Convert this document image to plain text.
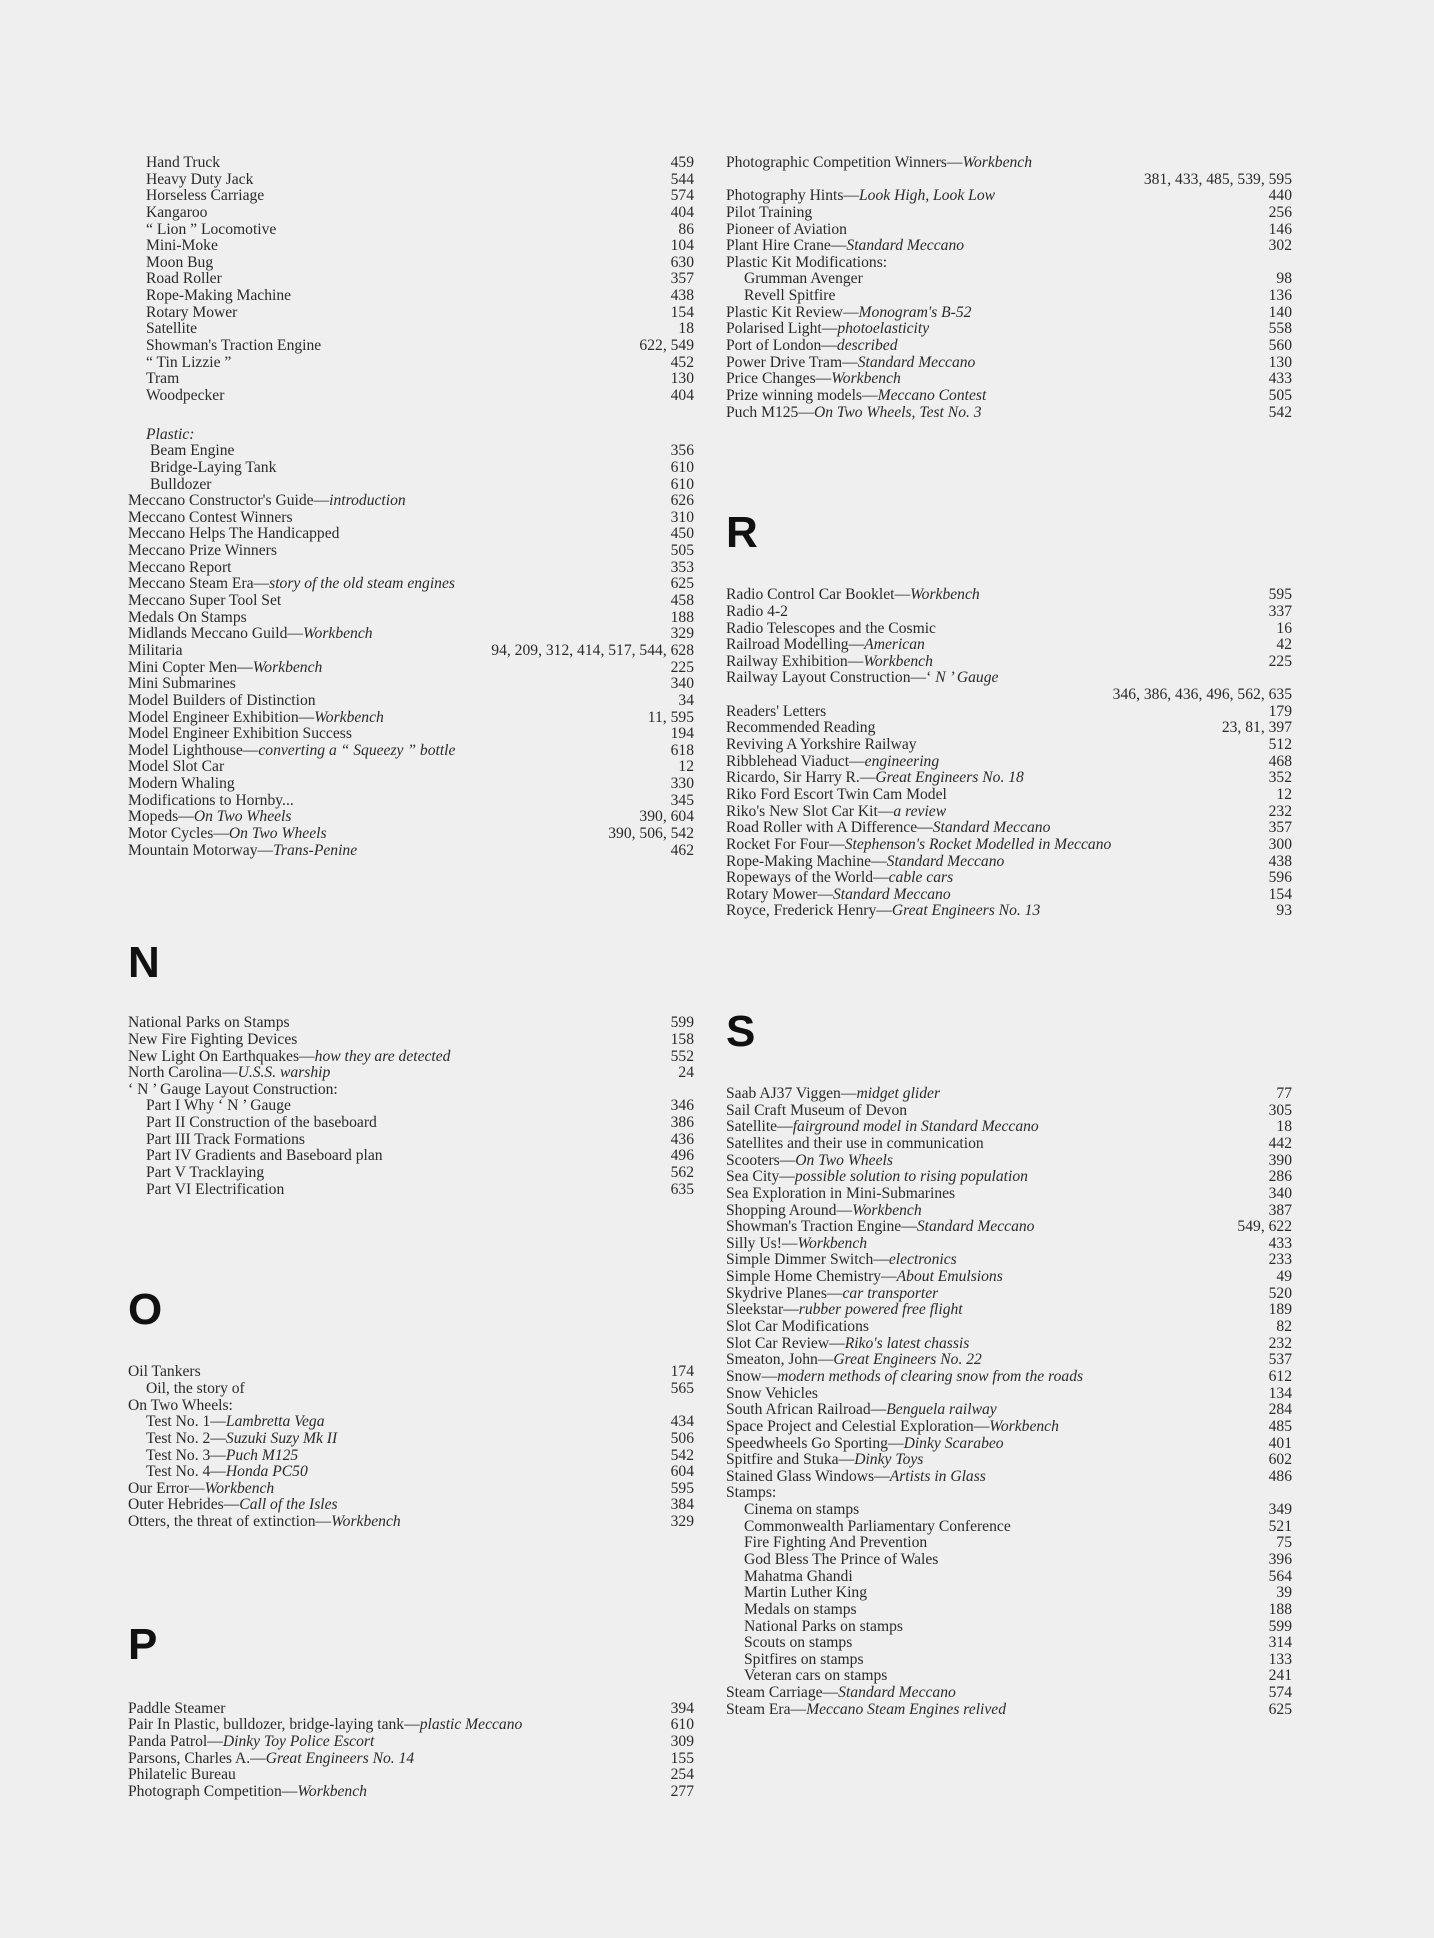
Hand Truck	459
Heavy Duty Jack	544
Horseless Carriage	574
Kangaroo	404
“ Lion ” Locomotive	86
Mini-Moke	104
Moon Bug	630
Road Roller	357
Rope-Making Machine	438
Rotary Mower	154
Satellite	18
Showman's Traction Engine	622, 549
“ Tin Lizzie ”	452
Tram	130
Woodpecker	404
Plastic:
Beam Engine	356
Bridge-Laying Tank	610
Bulldozer	610
Meccano Constructor's Guide—introduction	626
Meccano Contest Winners	310
Meccano Helps The Handicapped	450
Meccano Prize Winners	505
Meccano Report	353
Meccano Steam Era—story of the old steam engines	625
Meccano Super Tool Set	458
Medals On Stamps	188
Midlands Meccano Guild—Workbench	329
Militaria	94, 209, 312, 414, 517, 544, 628
Mini Copter Men—Workbench	225
Mini Submarines	340
Model Builders of Distinction	34
Model Engineer Exhibition—Workbench	11, 595
Model Engineer Exhibition Success	194
Model Lighthouse—converting a “ Squeezy ” bottle	618
Model Slot Car	12
Modern Whaling	330
Modifications to Hornby...	345
Mopeds—On Two Wheels	390, 604
Motor Cycles—On Two Wheels	390, 506, 542
Mountain Motorway—Trans-Penine	462
N
National Parks on Stamps	599
New Fire Fighting Devices	158
New Light On Earthquakes—how they are detected	552
North Carolina—U.S.S. warship	24
‘ N ’ Gauge Layout Construction:
Part I Why ‘ N ’ Gauge	346
Part II Construction of the baseboard	386
Part III Track Formations	436
Part IV Gradients and Baseboard plan	496
Part V Tracklaying	562
Part VI Electrification	635
O
Oil Tankers	174
Oil, the story of	565
On Two Wheels:
Test No. 1—Lambretta Vega	434
Test No. 2—Suzuki Suzy Mk II	506
Test No. 3—Puch M125	542
Test No. 4—Honda PC50	604
Our Error—Workbench	595
Outer Hebrides—Call of the Isles	384
Otters, the threat of extinction—Workbench	329
P
Paddle Steamer	394
Pair In Plastic, bulldozer, bridge-laying tank—plastic Meccano	610
Panda Patrol—Dinky Toy Police Escort	309
Parsons, Charles A.—Great Engineers No. 14	155
Philatelic Bureau	254
Photograph Competition—Workbench	277
Photographic Competition Winners—Workbench
381, 433, 485, 539, 595
Photography Hints—Look High, Look Low	440
Pilot Training	256
Pioneer of Aviation	146
Plant Hire Crane—Standard Meccano	302
Plastic Kit Modifications:
Grumman Avenger	98
Revell Spitfire	136
Plastic Kit Review—Monogram's B-52	140
Polarised Light—photoelasticity	558
Port of London—described	560
Power Drive Tram—Standard Meccano	130
Price Changes—Workbench	433
Prize winning models—Meccano Contest	505
Puch M125—On Two Wheels, Test No. 3	542
R
Radio Control Car Booklet—Workbench	595
Radio 4-2	337
Radio Telescopes and the Cosmic	16
Railroad Modelling—American	42
Railway Exhibition—Workbench	225
Railway Layout Construction—‘ N ’ Gauge
346, 386, 436, 496, 562, 635
Readers' Letters	179
Recommended Reading	23, 81, 397
Reviving A Yorkshire Railway	512
Ribblehead Viaduct—engineering	468
Ricardo, Sir Harry R.—Great Engineers No. 18	352
Riko Ford Escort Twin Cam Model	12
Riko's New Slot Car Kit—a review	232
Road Roller with A Difference—Standard Meccano	357
Rocket For Four—Stephenson's Rocket Modelled in Meccano	300
Rope-Making Machine—Standard Meccano	438
Ropeways of the World—cable cars	596
Rotary Mower—Standard Meccano	154
Royce, Frederick Henry—Great Engineers No. 13	93
S
Saab AJ37 Viggen—midget glider	77
Sail Craft Museum of Devon	305
Satellite—fairground model in Standard Meccano	18
Satellites and their use in communication	442
Scooters—On Two Wheels	390
Sea City—possible solution to rising population	286
Sea Exploration in Mini-Submarines	340
Shopping Around—Workbench	387
Showman's Traction Engine—Standard Meccano	549, 622
Silly Us!—Workbench	433
Simple Dimmer Switch—electronics	233
Simple Home Chemistry—About Emulsions	49
Skydrive Planes—car transporter	520
Sleekstar—rubber powered free flight	189
Slot Car Modifications	82
Slot Car Review—Riko's latest chassis	232
Smeaton, John—Great Engineers No. 22	537
Snow—modern methods of clearing snow from the roads	612
Snow Vehicles	134
South African Railroad—Benguela railway	284
Space Project and Celestial Exploration—Workbench	485
Speedwheels Go Sporting—Dinky Scarabeo	401
Spitfire and Stuka—Dinky Toys	602
Stained Glass Windows—Artists in Glass	486
Stamps:
Cinema on stamps	349
Commonwealth Parliamentary Conference	521
Fire Fighting And Prevention	75
God Bless The Prince of Wales	396
Mahatma Ghandi	564
Martin Luther King	39
Medals on stamps	188
National Parks on stamps	599
Scouts on stamps	314
Spitfires on stamps	133
Veteran cars on stamps	241
Steam Carriage—Standard Meccano	574
Steam Era—Meccano Steam Engines relived	625
